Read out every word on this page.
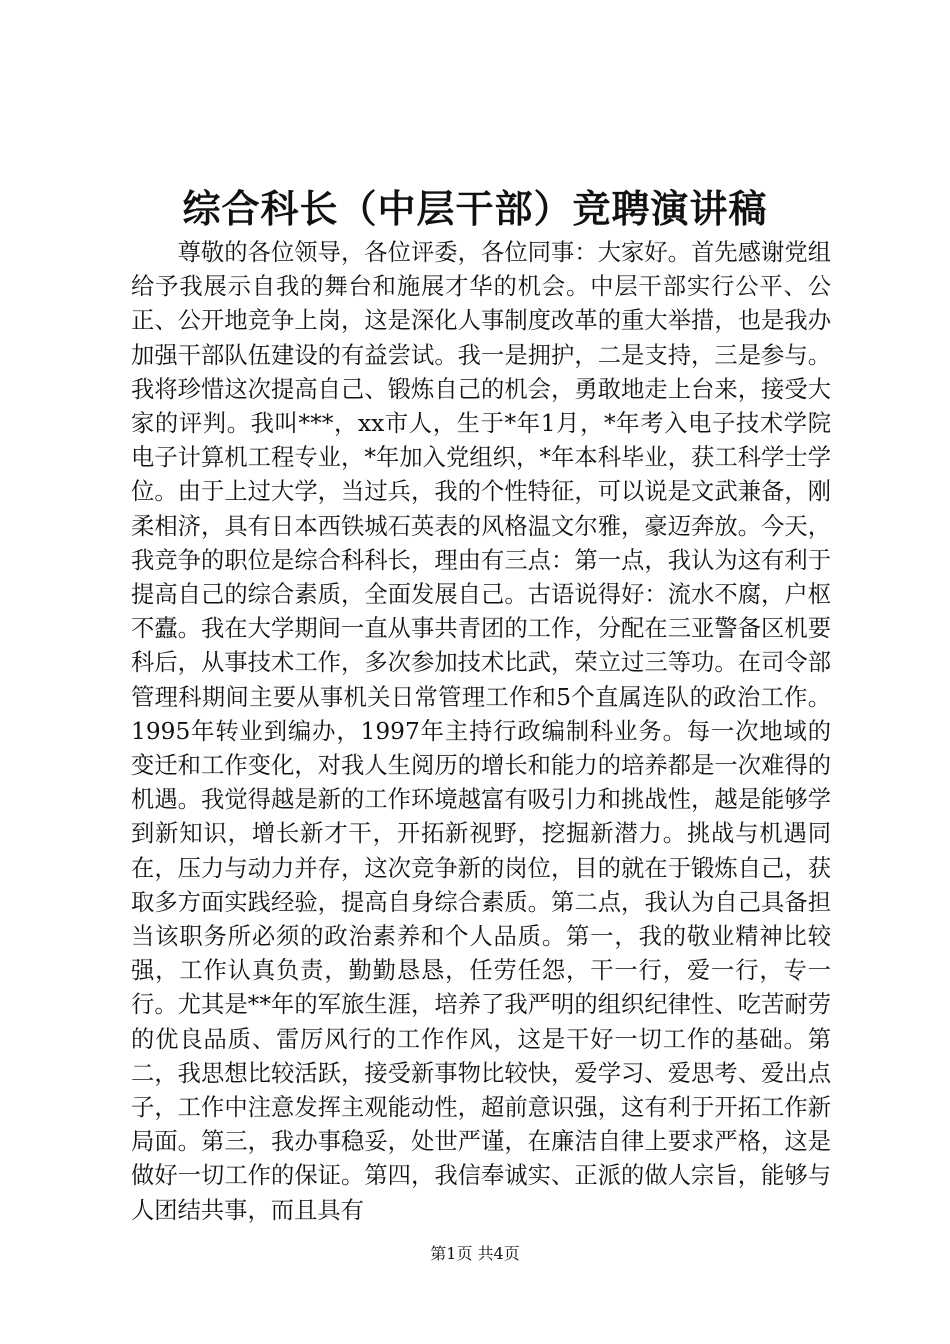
综合科长（中层干部）竞聘演讲稿

尊敬的各位领导，各位评委，各位同事：大家好。首先感谢党组给予我展示自我的舞台和施展才华的机会。中层干部实行公平、公正、公开地竞争上岗，这是深化人事制度改革的重大举措，也是我办加强干部队伍建设的有益尝试。我一是拥护，二是支持，三是参与。我将珍惜这次提高自己、锻炼自己的机会，勇敢地走上台来，接受大家的评判。我叫***，xx市人，生于*年1月，*年考入电子技术学院电子计算机工程专业，*年加入党组织，*年本科毕业，获工科学士学位。由于上过大学，当过兵，我的个性特征，可以说是文武兼备，刚柔相济，具有日本西铁城石英表的风格温文尔雅，豪迈奔放。今天，我竞争的职位是综合科科长，理由有三点：第一点，我认为这有利于提高自己的综合素质，全面发展自己。古语说得好：流水不腐，户枢不蠹。我在大学期间一直从事共青团的工作，分配在三亚警备区机要科后，从事技术工作，多次参加技术比武，荣立过三等功。在司令部管理科期间主要从事机关日常管理工作和5个直属连队的政治工作。1995年转业到编办，1997年主持行政编制科业务。每一次地域的变迁和工作变化，对我人生阅历的增长和能力的培养都是一次难得的机遇。我觉得越是新的工作环境越富有吸引力和挑战性，越是能够学到新知识，增长新才干，开拓新视野，挖掘新潜力。挑战与机遇同在，压力与动力并存，这次竞争新的岗位，目的就在于锻炼自己，获取多方面实践经验，提高自身综合素质。第二点，我认为自己具备担当该职务所必须的政治素养和个人品质。第一，我的敬业精神比较强，工作认真负责，勤勤恳恳，任劳任怨，干一行，爱一行，专一行。尤其是**年的军旅生涯，培养了我严明的组织纪律性、吃苦耐劳的优良品质、雷厉风行的工作作风，这是干好一切工作的基础。第二，我思想比较活跃，接受新事物比较快，爱学习、爱思考、爱出点子，工作中注意发挥主观能动性，超前意识强，这有利于开拓工作新局面。第三，我办事稳妥，处世严谨，在廉洁自律上要求严格，这是做好一切工作的保证。第四，我信奉诚实、正派的做人宗旨，能够与人团结共事，而且具有

第1页 共4页
